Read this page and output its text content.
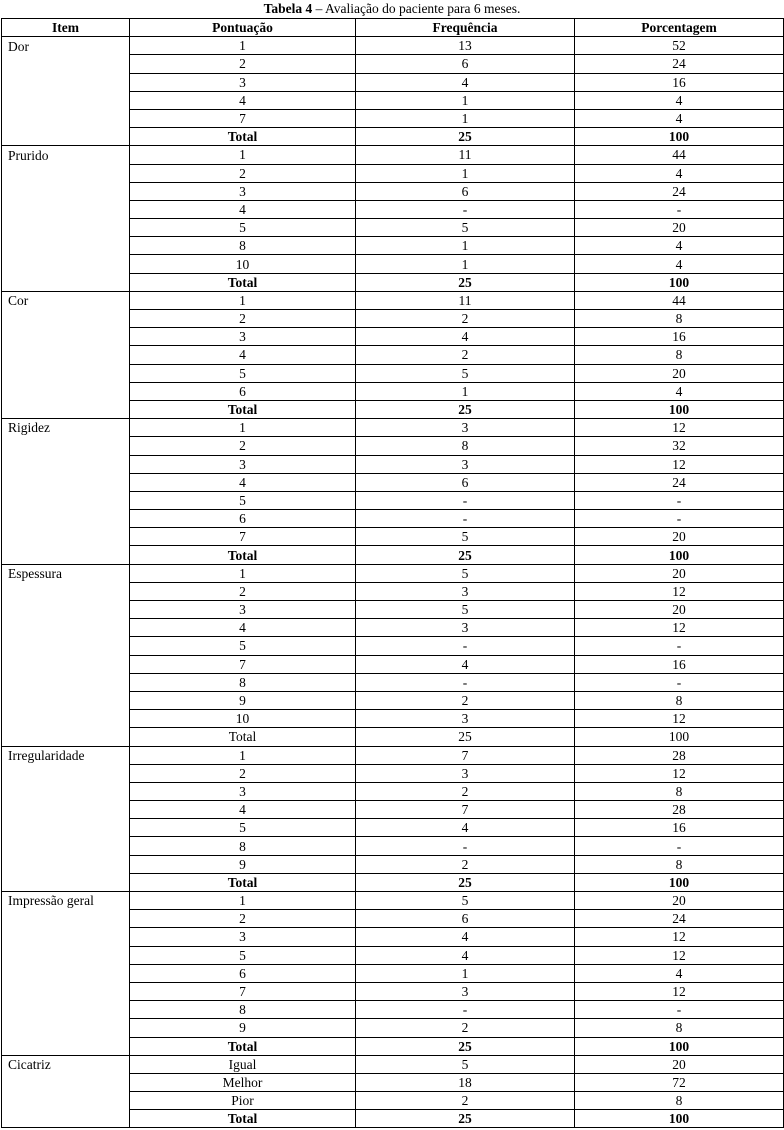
Tabela 4 – Avaliação do paciente para 6 meses.
Item	Pontuação	Frequência	Porcentagem
Dor	1	13	52
	2	6	24
	3	4	16
	4	1	4
	7	1	4
	Total	25	100
Prurido	1	11	44
	2	1	4
	3	6	24
	4	-	-
	5	5	20
	8	1	4
	10	1	4
	Total	25	100
Cor	1	11	44
	2	2	8
	3	4	16
	4	2	8
	5	5	20
	6	1	4
	Total	25	100
Rigidez	1	3	12
	2	8	32
	3	3	12
	4	6	24
	5	-	-
	6	-	-
	7	5	20
	Total	25	100
Espessura	1	5	20
	2	3	12
	3	5	20
	4	3	12
	5	-	-
	7	4	16
	8	-	-
	9	2	8
	10	3	12
	Total	25	100
Irregularidade	1	7	28
	2	3	12
	3	2	8
	4	7	28
	5	4	16
	8	-	-
	9	2	8
	Total	25	100
Impressão geral	1	5	20
	2	6	24
	3	4	12
	5	4	12
	6	1	4
	7	3	12
	8	-	-
	9	2	8
	Total	25	100
Cicatriz	Igual	5	20
	Melhor	18	72
	Pior	2	8
	Total	25	100
